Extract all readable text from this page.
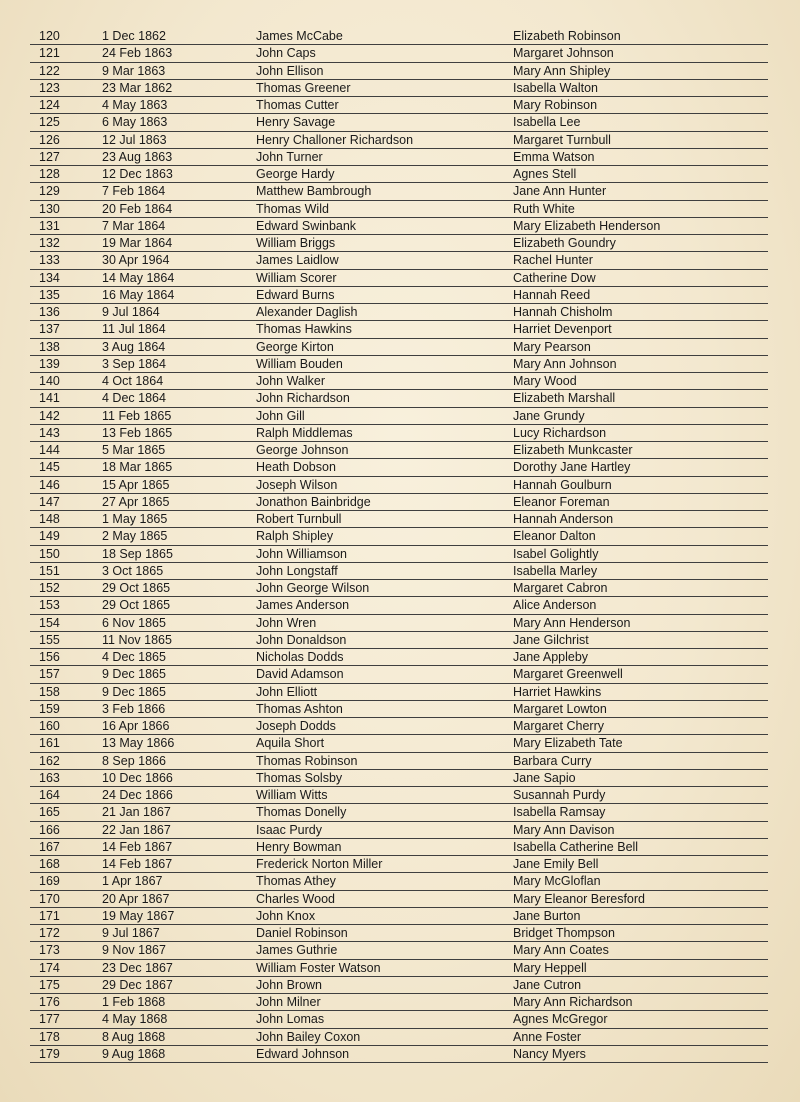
120	1 Dec 1862	James McCabe	Elizabeth Robinson
121	24 Feb 1863	John Caps	Margaret Johnson
122	9 Mar 1863	John Ellison	Mary Ann Shipley
123	23 Mar 1862	Thomas Greener	Isabella Walton
124	4 May 1863	Thomas Cutter	Mary Robinson
125	6 May 1863	Henry Savage	Isabella Lee
126	12 Jul 1863	Henry Challoner Richardson	Margaret Turnbull
127	23 Aug 1863	John Turner	Emma Watson
128	12 Dec 1863	George Hardy	Agnes Stell
129	7 Feb 1864	Matthew Bambrough	Jane Ann Hunter
130	20 Feb 1864	Thomas Wild	Ruth White
131	7 Mar 1864	Edward Swinbank	Mary Elizabeth Henderson
132	19 Mar 1864	William Briggs	Elizabeth Goundry
133	30 Apr 1964	James Laidlow	Rachel Hunter
134	14 May 1864	William Scorer	Catherine Dow
135	16 May 1864	Edward Burns	Hannah Reed
136	9 Jul 1864	Alexander Daglish	Hannah Chisholm
137	11 Jul 1864	Thomas Hawkins	Harriet Devenport
138	3 Aug 1864	George Kirton	Mary Pearson
139	3 Sep 1864	William Bouden	Mary Ann Johnson
140	4 Oct 1864	John Walker	Mary Wood
141	4 Dec 1864	John Richardson	Elizabeth Marshall
142	11 Feb 1865	John Gill	Jane Grundy
143	13 Feb 1865	Ralph Middlemas	Lucy Richardson
144	5 Mar 1865	George Johnson	Elizabeth Munkcaster
145	18 Mar 1865	Heath Dobson	Dorothy Jane Hartley
146	15 Apr 1865	Joseph Wilson	Hannah Goulburn
147	27 Apr 1865	Jonathon Bainbridge	Eleanor Foreman
148	1 May 1865	Robert Turnbull	Hannah Anderson
149	2 May 1865	Ralph Shipley	Eleanor Dalton
150	18 Sep 1865	John Williamson	Isabel Golightly
151	3 Oct 1865	John Longstaff	Isabella Marley
152	29 Oct 1865	John George Wilson	Margaret Cabron
153	29 Oct 1865	James Anderson	Alice Anderson
154	6 Nov 1865	John Wren	Mary Ann Henderson
155	11 Nov 1865	John Donaldson	Jane Gilchrist
156	4 Dec 1865	Nicholas Dodds	Jane Appleby
157	9 Dec 1865	David Adamson	Margaret Greenwell
158	9 Dec 1865	John Elliott	Harriet Hawkins
159	3 Feb 1866	Thomas Ashton	Margaret Lowton
160	16 Apr 1866	Joseph Dodds	Margaret Cherry
161	13 May 1866	Aquila Short	Mary Elizabeth Tate
162	8 Sep 1866	Thomas Robinson	Barbara Curry
163	10 Dec 1866	Thomas Solsby	Jane Sapio
164	24 Dec 1866	William Witts	Susannah Purdy
165	21 Jan 1867	Thomas Donelly	Isabella Ramsay
166	22 Jan 1867	Isaac Purdy	Mary Ann Davison
167	14 Feb 1867	Henry Bowman	Isabella Catherine Bell
168	14 Feb 1867	Frederick Norton Miller	Jane Emily Bell
169	1 Apr 1867	Thomas Athey	Mary McGloflan
170	20 Apr 1867	Charles Wood	Mary Eleanor Beresford
171	19 May 1867	John Knox	Jane Burton
172	9 Jul 1867	Daniel Robinson	Bridget Thompson
173	9 Nov 1867	James Guthrie	Mary Ann Coates
174	23 Dec 1867	William Foster Watson	Mary Heppell
175	29 Dec 1867	John Brown	Jane Cutron
176	1 Feb 1868	John Milner	Mary Ann Richardson
177	4 May 1868	John Lomas	Agnes McGregor
178	8 Aug 1868	John Bailey Coxon	Anne Foster
179	9 Aug 1868	Edward Johnson	Nancy Myers
